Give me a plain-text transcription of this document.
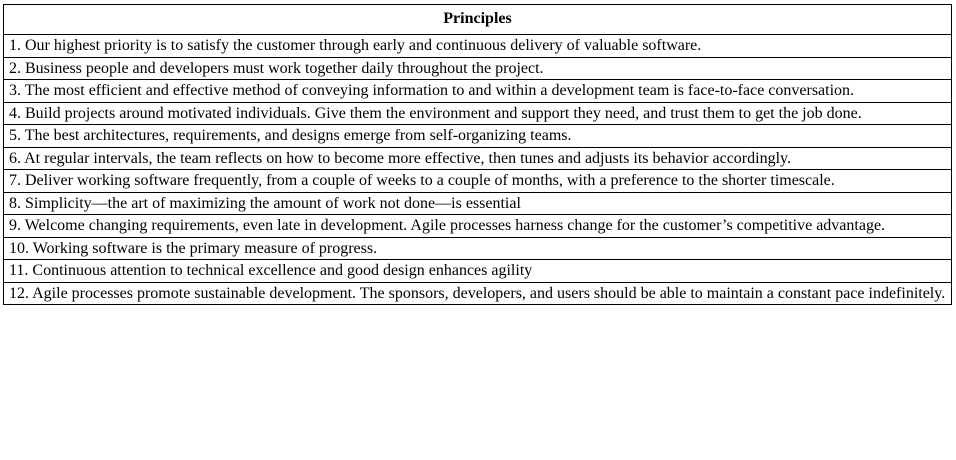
Principles
1. Our highest priority is to satisfy the customer through early and continuous delivery of valuable software.
2. Business people and developers must work together daily throughout the project.
3. The most efficient and effective method of conveying information to and within a development team is face-to-face conversation.
4. Build projects around motivated individuals. Give them the environment and support they need, and trust them to get the job done.
5. The best architectures, requirements, and designs emerge from self-organizing teams.
6. At regular intervals, the team reflects on how to become more effective, then tunes and adjusts its behavior accordingly.
7. Deliver working software frequently, from a couple of weeks to a couple of months, with a preference to the shorter timescale.
8. Simplicity—the art of maximizing the amount of work not done—is essential
9. Welcome changing requirements, even late in development. Agile processes harness change for the customer’s competitive advantage.
10. Working software is the primary measure of progress.
11. Continuous attention to technical excellence and good design enhances agility
12. Agile processes promote sustainable development. The sponsors, developers, and users should be able to maintain a constant pace indefinitely.
